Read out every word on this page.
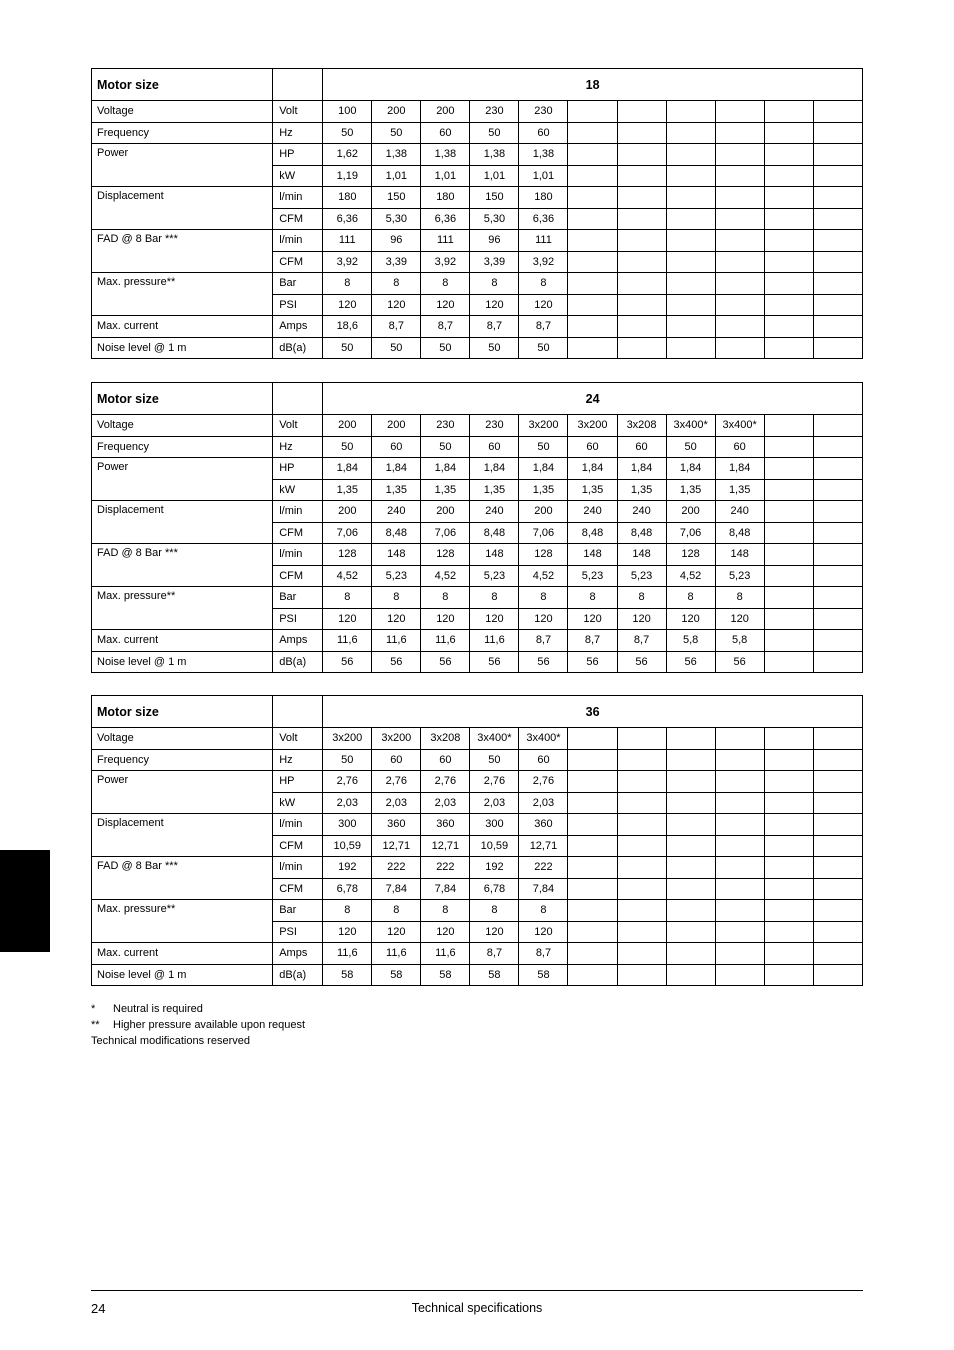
Motor size		18										
Voltage	Volt	100	200	200	230	230						
Frequency	Hz	50	50	60	50	60						
Power	HP	1,62	1,38	1,38	1,38	1,38						
	kW	1,19	1,01	1,01	1,01	1,01						
Displacement	l/min	180	150	180	150	180						
	CFM	6,36	5,30	6,36	5,30	6,36						
FAD @ 8 Bar ***	l/min	111	96	111	96	111						
	CFM	3,92	3,39	3,92	3,39	3,92						
Max. pressure**	Bar	8	8	8	8	8						
	PSI	120	120	120	120	120						
Max. current	Amps	18,6	8,7	8,7	8,7	8,7						
Noise level @ 1 m	dB(a)	50	50	50	50	50						
Motor size		24										
Voltage	Volt	200	200	230	230	3x200	3x200	3x208	3x400*	3x400*		
Frequency	Hz	50	60	50	60	50	60	60	50	60		
Power	HP	1,84	1,84	1,84	1,84	1,84	1,84	1,84	1,84	1,84		
	kW	1,35	1,35	1,35	1,35	1,35	1,35	1,35	1,35	1,35		
Displacement	l/min	200	240	200	240	200	240	240	200	240		
	CFM	7,06	8,48	7,06	8,48	7,06	8,48	8,48	7,06	8,48		
FAD @ 8 Bar ***	l/min	128	148	128	148	128	148	148	128	148		
	CFM	4,52	5,23	4,52	5,23	4,52	5,23	5,23	4,52	5,23		
Max. pressure**	Bar	8	8	8	8	8	8	8	8	8		
	PSI	120	120	120	120	120	120	120	120	120		
Max. current	Amps	11,6	11,6	11,6	11,6	8,7	8,7	8,7	5,8	5,8		
Noise level @ 1 m	dB(a)	56	56	56	56	56	56	56	56	56		
Motor size		36										
Voltage	Volt	3x200	3x200	3x208	3x400*	3x400*						
Frequency	Hz	50	60	60	50	60						
Power	HP	2,76	2,76	2,76	2,76	2,76						
	kW	2,03	2,03	2,03	2,03	2,03						
Displacement	l/min	300	360	360	300	360						
	CFM	10,59	12,71	12,71	10,59	12,71						
FAD @ 8 Bar ***	l/min	192	222	222	192	222						
	CFM	6,78	7,84	7,84	6,78	7,84						
Max. pressure**	Bar	8	8	8	8	8						
	PSI	120	120	120	120	120						
Max. current	Amps	11,6	11,6	11,6	8,7	8,7						
Noise level @ 1 m	dB(a)	58	58	58	58	58						
* Neutral is required
** Higher pressure available upon request
Technical modifications reserved
24	Technical specifications
